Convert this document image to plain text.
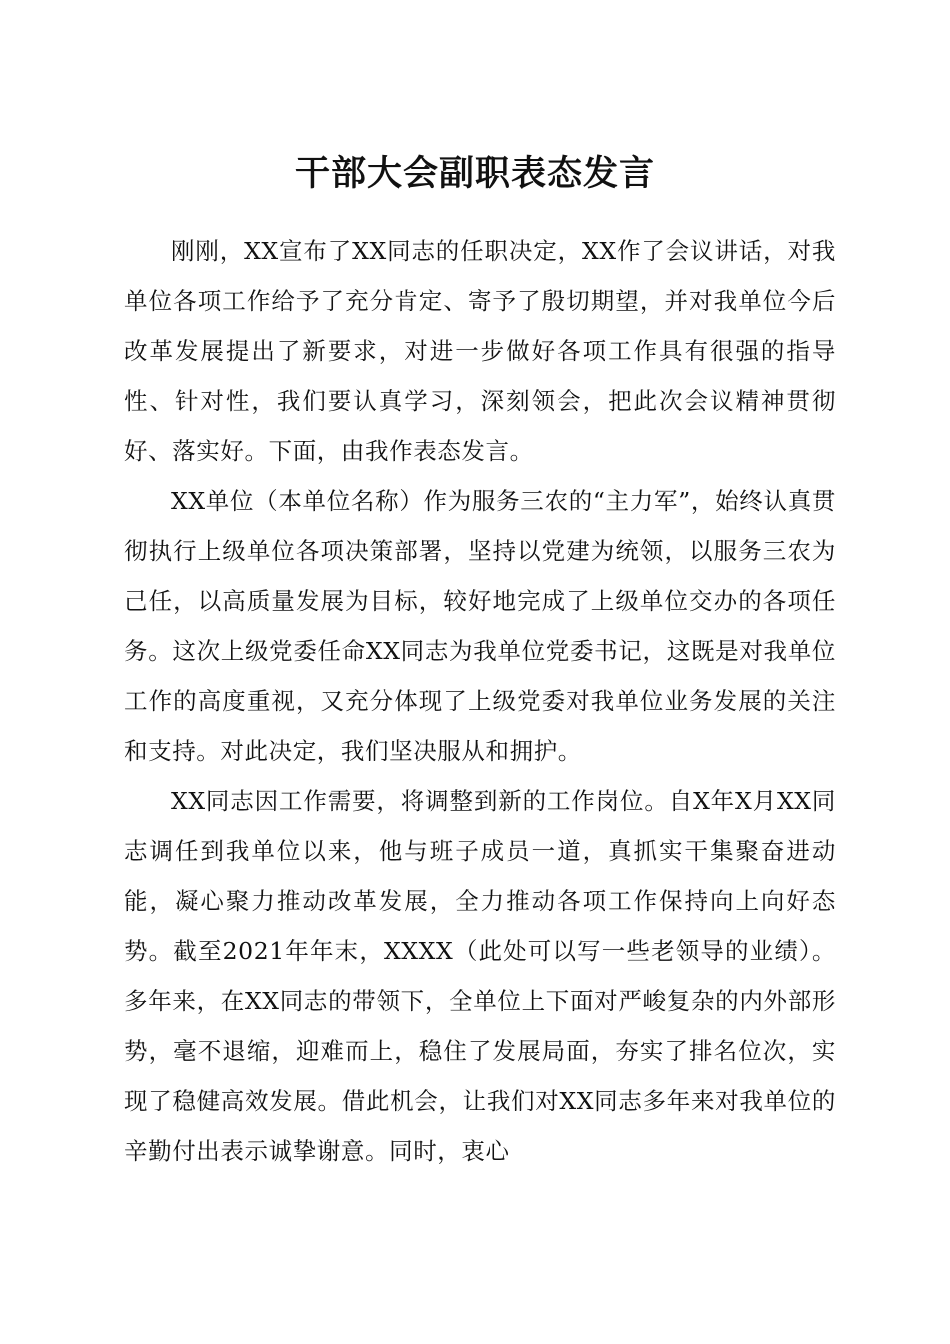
干部大会副职表态发言

刚刚，XX宣布了XX同志的任职决定，XX作了会议讲话，对我单位各项工作给予了充分肯定、寄予了殷切期望，并对我单位今后改革发展提出了新要求，对进一步做好各项工作具有很强的指导性、针对性，我们要认真学习，深刻领会，把此次会议精神贯彻好、落实好。下面，由我作表态发言。

XX单位（本单位名称）作为服务三农的“主力军”，始终认真贯彻执行上级单位各项决策部署，坚持以党建为统领，以服务三农为己任，以高质量发展为目标，较好地完成了上级单位交办的各项任务。这次上级党委任命XX同志为我单位党委书记，这既是对我单位工作的高度重视，又充分体现了上级党委对我单位业务发展的关注和支持。对此决定，我们坚决服从和拥护。

XX同志因工作需要，将调整到新的工作岗位。自X年X月XX同志调任到我单位以来，他与班子成员一道，真抓实干集聚奋进动能，凝心聚力推动改革发展，全力推动各项工作保持向上向好态势。截至2021年年末，XXXX（此处可以写一些老领导的业绩）。多年来，在XX同志的带领下，全单位上下面对严峻复杂的内外部形势，毫不退缩，迎难而上，稳住了发展局面，夯实了排名位次，实现了稳健高效发展。借此机会，让我们对XX同志多年来对我单位的辛勤付出表示诚挚谢意。同时，衷心
